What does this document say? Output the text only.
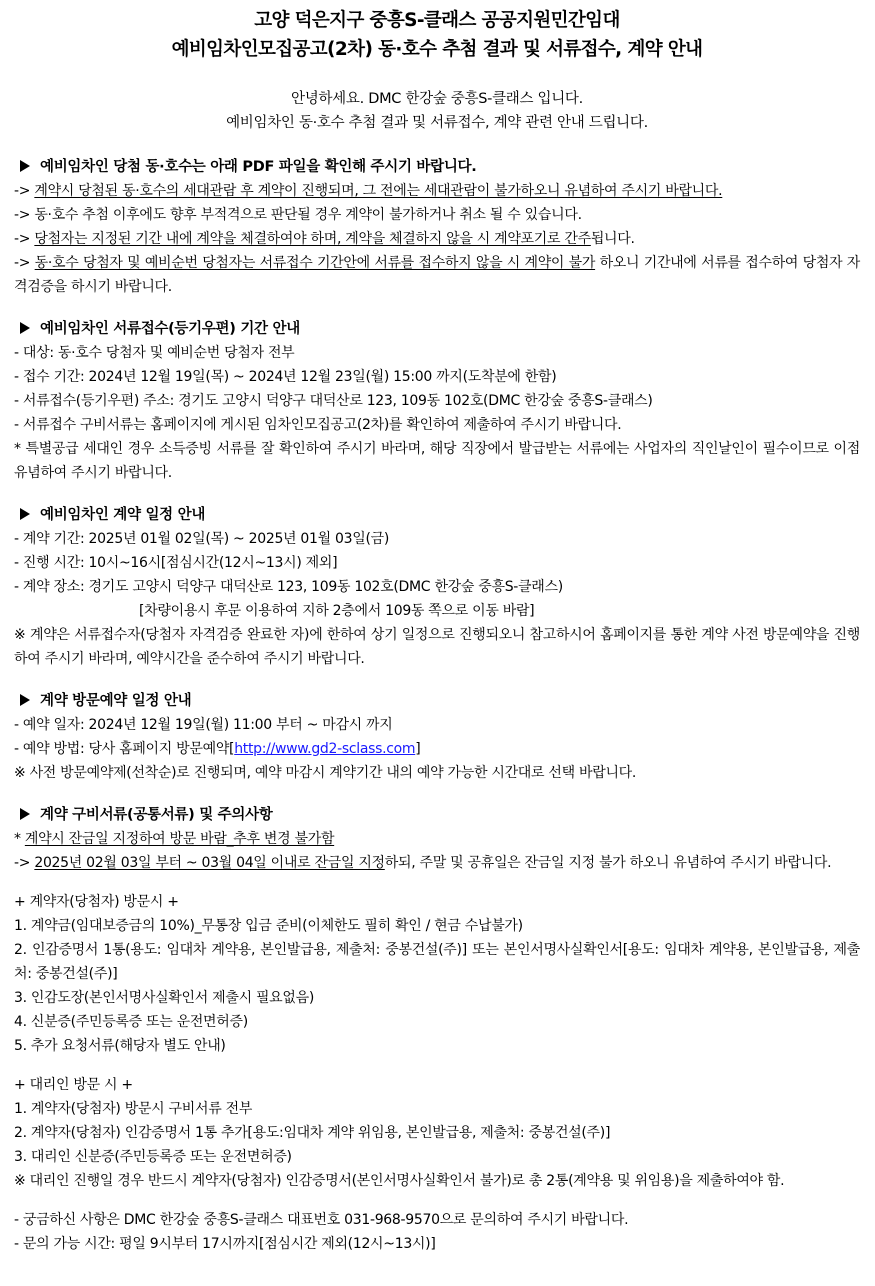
고양 덕은지구 중흥S-클래스 공공지원민간임대
예비임차인모집공고(2차) 동·호수 추첨 결과 및 서류접수, 계약 안내
안녕하세요. DMC 한강숲 중흥S-클래스 입니다.
예비임차인 동·호수 추첨 결과 및 서류접수, 계약 관련 안내 드립니다.
예비임차인 당첨 동·호수는 아래 PDF 파일을 확인해 주시기 바랍니다.
-> 계약시 당첨된 동·호수의 세대관람 후 계약이 진행되며, 그 전에는 세대관람이 불가하오니 유념하여 주시기 바랍니다.
-> 동·호수 추첨 이후에도 향후 부적격으로 판단될 경우 계약이 불가하거나 취소 될 수 있습니다.
-> 당첨자는 지정된 기간 내에 계약을 체결하여야 하며, 계약을 체결하지 않을 시 계약포기로 간주됩니다.
-> 동·호수 당첨자 및 예비순번 당첨자는 서류접수 기간안에 서류를 접수하지 않을 시 계약이 불가 하오니 기간내에 서류를 접수하여 당첨자 자격검증을 하시기 바랍니다.
예비임차인 서류접수(등기우편) 기간 안내
- 대상: 동·호수 당첨자 및 예비순번 당첨자 전부
- 접수 기간: 2024년 12월 19일(목) ~ 2024년 12월 23일(월) 15:00 까지(도착분에 한함)
- 서류접수(등기우편) 주소: 경기도 고양시 덕양구 대덕산로 123, 109동 102호(DMC 한강숲 중흥S-클래스)
- 서류접수 구비서류는 홈페이지에 게시된 임차인모집공고(2차)를 확인하여 제출하여 주시기 바랍니다.
* 특별공급 세대인 경우 소득증빙 서류를 잘 확인하여 주시기 바라며, 해당 직장에서 발급받는 서류에는 사업자의 직인날인이 필수이므로 이점 유념하여 주시기 바랍니다.
예비임차인 계약 일정 안내
- 계약 기간: 2025년 01월 02일(목) ~ 2025년 01월 03일(금)
- 진행 시간: 10시~16시[점심시간(12시~13시) 제외]
- 계약 장소: 경기도 고양시 덕양구 대덕산로 123, 109동 102호(DMC 한강숲 중흥S-클래스)
[차량이용시 후문 이용하여 지하 2층에서 109동 쪽으로 이동 바람]
※ 계약은 서류접수자(당첨자 자격검증 완료한 자)에 한하여 상기 일정으로 진행되오니 참고하시어 홈페이지를 통한 계약 사전 방문예약을 진행하여 주시기 바라며, 예약시간을 준수하여 주시기 바랍니다.
계약 방문예약 일정 안내
- 예약 일자: 2024년 12월 19일(월) 11:00 부터 ~ 마감시 까지
- 예약 방법: 당사 홈페이지 방문예약[http://www.gd2-sclass.com]
※ 사전 방문예약제(선착순)로 진행되며, 예약 마감시 계약기간 내의 예약 가능한 시간대로 선택 바랍니다.
계약 구비서류(공통서류) 및 주의사항
* 계약시 잔금일 지정하여 방문 바람_추후 변경 불가함
-> 2025년 02월 03일 부터 ~ 03월 04일 이내로 잔금일 지정하되, 주말 및 공휴일은 잔금일 지정 불가 하오니 유념하여 주시기 바랍니다.
+ 계약자(당첨자) 방문시 +
1. 계약금(임대보증금의 10%)_무통장 입금 준비(이체한도 필히 확인 / 현금 수납불가)
2. 인감증명서 1통(용도: 임대차 계약용, 본인발급용, 제출처: 중봉건설(주)] 또는 본인서명사실확인서[용도: 임대차 계약용, 본인발급용, 제출처: 중봉건설(주)]
3. 인감도장(본인서명사실확인서 제출시 필요없음)
4. 신분증(주민등록증 또는 운전면허증)
5. 추가 요청서류(해당자 별도 안내)
+ 대리인 방문 시 +
1. 계약자(당첨자) 방문시 구비서류 전부
2. 계약자(당첨자) 인감증명서 1통 추가[용도:임대차 계약 위임용, 본인발급용, 제출처: 중봉건설(주)]
3. 대리인 신분증(주민등록증 또는 운전면허증)
※ 대리인 진행일 경우 반드시 계약자(당첨자) 인감증명서(본인서명사실확인서 불가)로 총 2통(계약용 및 위임용)을 제출하여야 함.
- 궁금하신 사항은 DMC 한강숲 중흥S-클래스 대표번호 031-968-9570으로 문의하여 주시기 바랍니다.
- 문의 가능 시간: 평일 9시부터 17시까지[점심시간 제외(12시~13시)]
